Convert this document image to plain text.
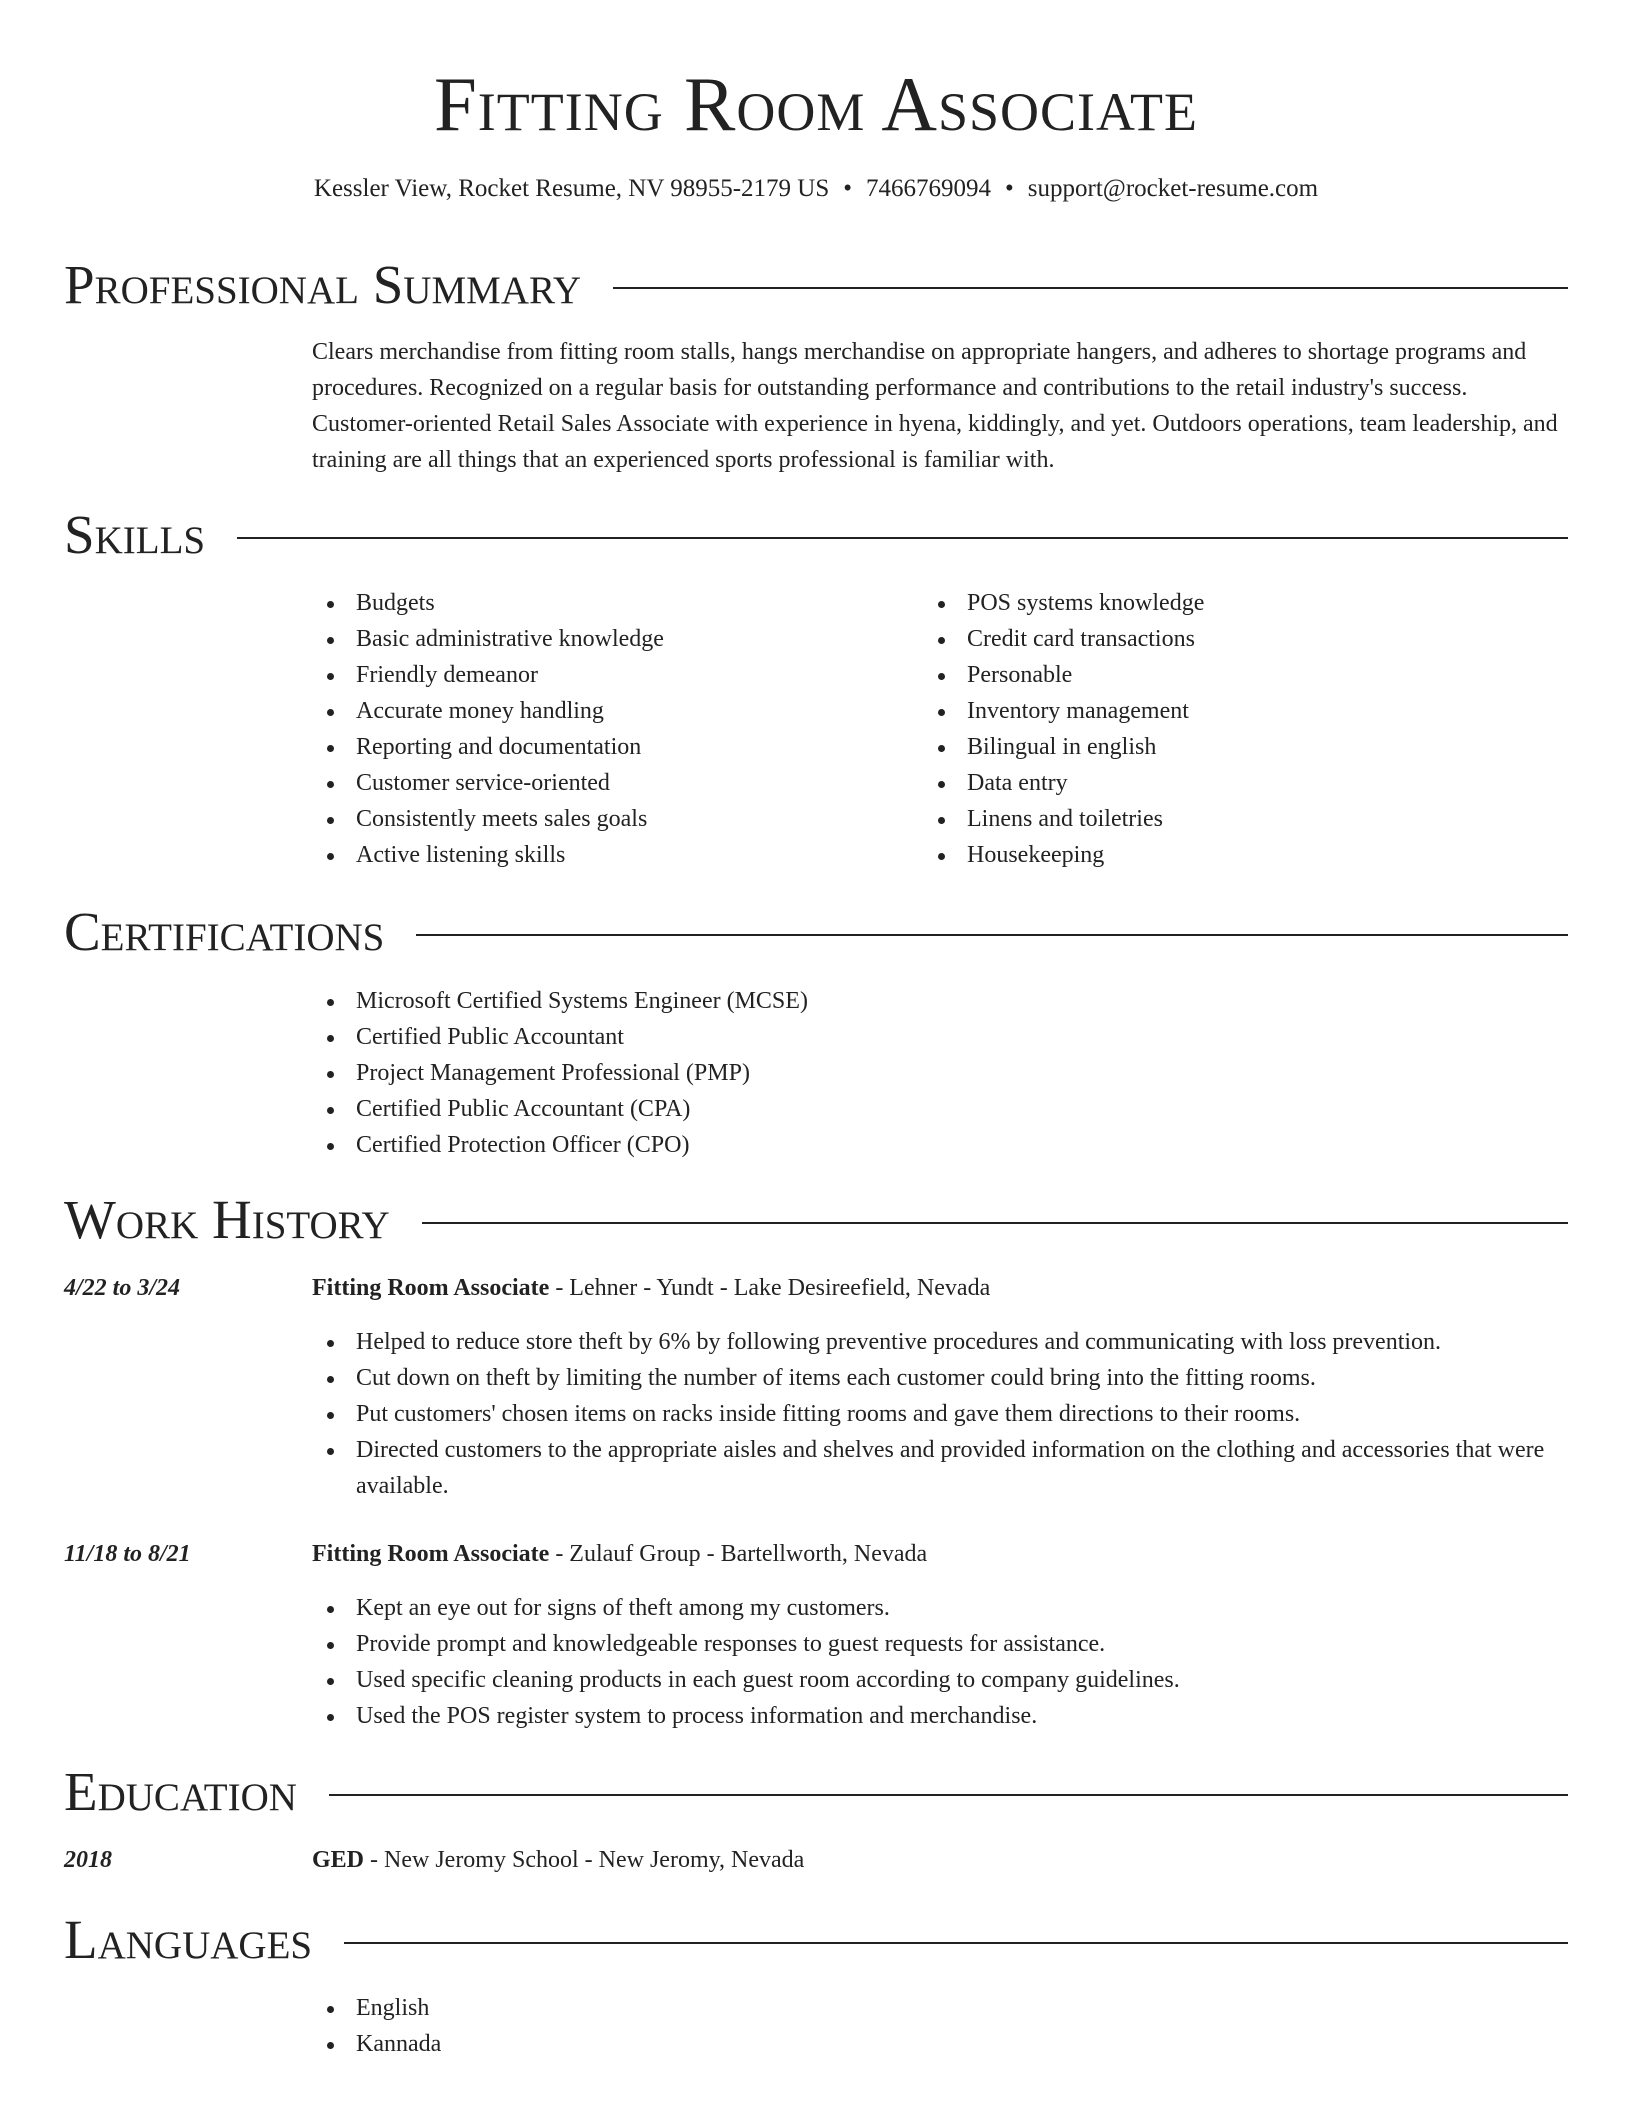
Fitting Room Associate
Kessler View, Rocket Resume, NV 98955-2179 US • 7466769094 • support@rocket-resume.com
Professional Summary

Clears merchandise from fitting room stalls, hangs merchandise on appropriate hangers, and adheres to shortage programs and procedures. Recognized on a regular basis for outstanding performance and contributions to the retail industry's success. Customer-oriented Retail Sales Associate with experience in hyena, kiddingly, and yet. Outdoors operations, team leadership, and training are all things that an experienced sports professional is familiar with.

Skills
Budgets
Basic administrative knowledge
Friendly demeanor
Accurate money handling
Reporting and documentation
Customer service-oriented
Consistently meets sales goals
Active listening skills
POS systems knowledge
Credit card transactions
Personable
Inventory management
Bilingual in english
Data entry
Linens and toiletries
Housekeeping
Certifications
Microsoft Certified Systems Engineer (MCSE)
Certified Public Accountant
Project Management Professional (PMP)
Certified Public Accountant (CPA)
Certified Protection Officer (CPO)
Work History
4/22 to 3/24	Fitting Room Associate - Lehner - Yundt - Lake Desireefield, Nevada
Helped to reduce store theft by 6% by following preventive procedures and communicating with loss prevention.
Cut down on theft by limiting the number of items each customer could bring into the fitting rooms.
Put customers' chosen items on racks inside fitting rooms and gave them directions to their rooms.
Directed customers to the appropriate aisles and shelves and provided information on the clothing and accessories that were available.
11/18 to 8/21	Fitting Room Associate - Zulauf Group - Bartellworth, Nevada
Kept an eye out for signs of theft among my customers.
Provide prompt and knowledgeable responses to guest requests for assistance.
Used specific cleaning products in each guest room according to company guidelines.
Used the POS register system to process information and merchandise.
Education
2018	GED - New Jeromy School - New Jeromy, Nevada
Languages
English
Kannada
